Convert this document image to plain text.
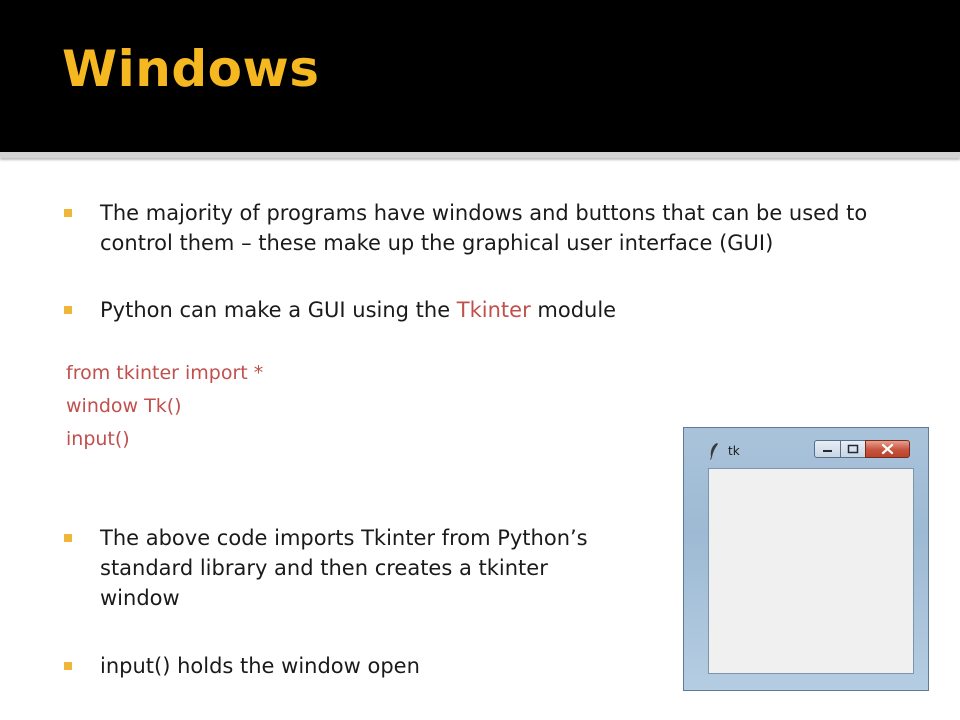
Windows
The majority of programs have windows and buttons that can be used to
control them – these make up the graphical user interface (GUI)
Python can make a GUI using the Tkinter module
from tkinter import *
window Tk()
input()
The above code imports Tkinter from Python’s
standard library and then creates a tkinter
window
input() holds the window open
tk
